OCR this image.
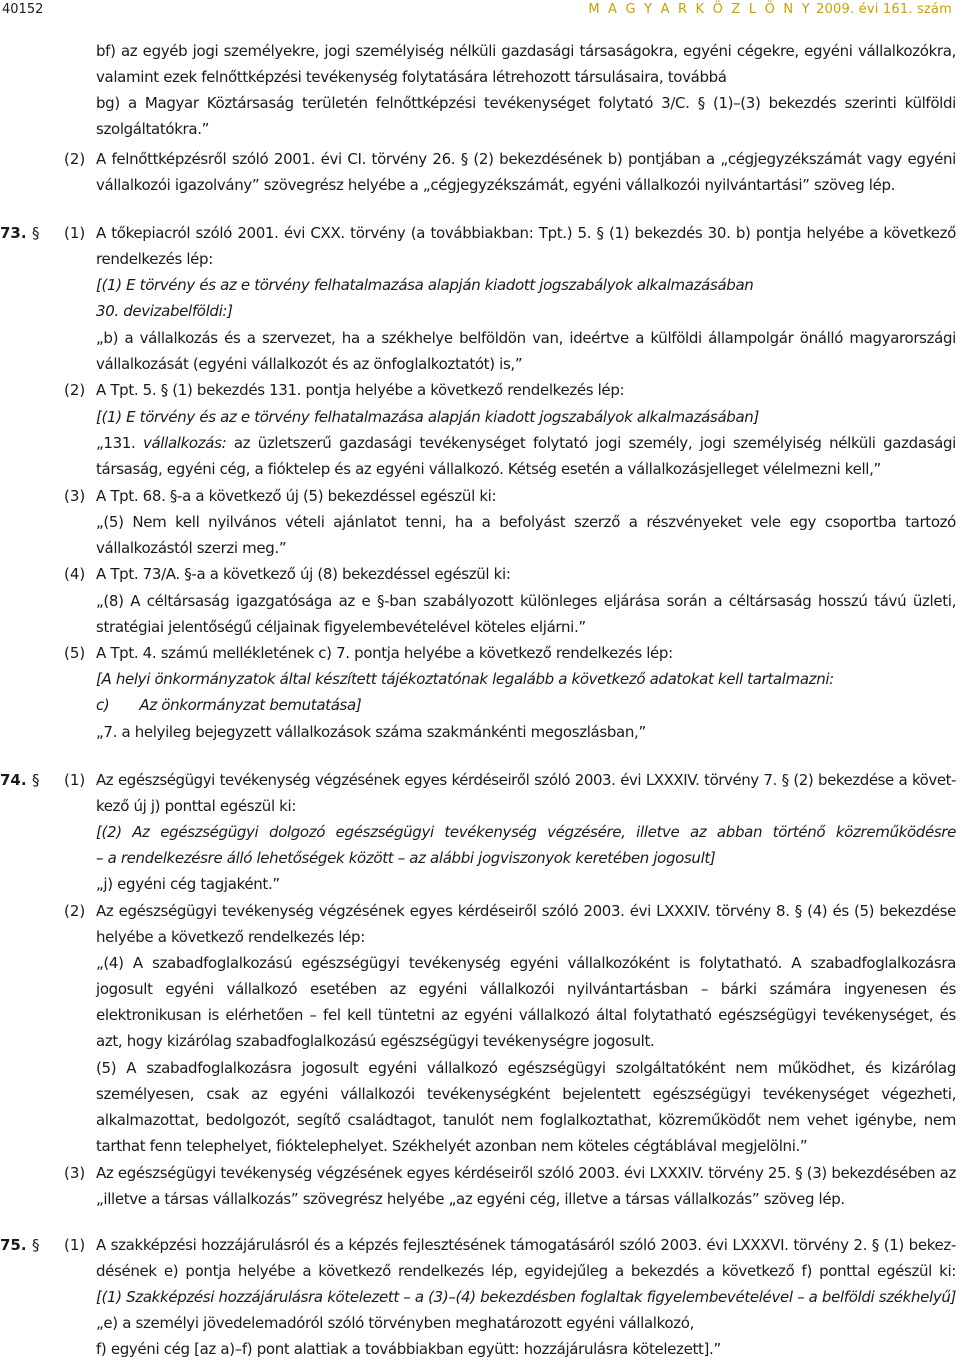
40152	M A G Y A R K Ö Z L Ö N Y 2009. évi 161. szám
bf) az egyéb jogi személyekre, jogi személyiség nélküli gazdasági társaságokra, egyéni cégekre, egyéni vállalkozókra,
valamint ezek felnőttképzési tevékenység folytatására létrehozott társulásaira, továbbá
bg) a Magyar Köztársaság területén felnőttképzési tevékenységet folytató 3/C. § (1)–(3) bekezdés szerinti külföldi
szolgáltatókra.”
(2) A felnőttképzésről szóló 2001. évi CI. törvény 26. § (2) bekezdésének b) pontjában a „cégjegyzékszámát vagy egyéni
vállalkozói igazolvány” szövegrész helyébe a „cégjegyzékszámát, egyéni vállalkozói nyilvántartási” szöveg lép.
73. § (1) A tőkepiacról szóló 2001. évi CXX. törvény (a továbbiakban: Tpt.) 5. § (1) bekezdés 30. b) pontja helyébe a következő
rendelkezés lép:
[(1) E törvény és az e törvény felhatalmazása alapján kiadott jogszabályok alkalmazásában
30. devizabelföldi:]
„b) a vállalkozás és a szervezet, ha a székhelye belföldön van, ideértve a külföldi állampolgár önálló magyarországi
vállalkozását (egyéni vállalkozót és az önfoglalkoztatót) is,”
(2) A Tpt. 5. § (1) bekezdés 131. pontja helyébe a következő rendelkezés lép:
[(1) E törvény és az e törvény felhatalmazása alapján kiadott jogszabályok alkalmazásában]
„131. vállalkozás: az üzletszerű gazdasági tevékenységet folytató jogi személy, jogi személyiség nélküli gazdasági
társaság, egyéni cég, a fióktelep és az egyéni vállalkozó. Kétség esetén a vállalkozásjelleget vélelmezni kell,”
(3) A Tpt. 68. §-a a következő új (5) bekezdéssel egészül ki:
„(5) Nem kell nyilvános vételi ajánlatot tenni, ha a befolyást szerző a részvényeket vele egy csoportba tartozó
vállalkozástól szerzi meg.”
(4) A Tpt. 73/A. §-a a következő új (8) bekezdéssel egészül ki:
„(8) A céltársaság igazgatósága az e §-ban szabályozott különleges eljárása során a céltársaság hosszú távú üzleti,
stratégiai jelentőségű céljainak figyelembevételével köteles eljárni.”
(5) A Tpt. 4. számú mellékletének c) 7. pontja helyébe a következő rendelkezés lép:
[A helyi önkormányzatok által készített tájékoztatónak legalább a következő adatokat kell tartalmazni:
c) Az önkormányzat bemutatása]
„7. a helyileg bejegyzett vállalkozások száma szakmánkénti megoszlásban,”
74. § (1) Az egészségügyi tevékenység végzésének egyes kérdéseiről szóló 2003. évi LXXXIV. törvény 7. § (2) bekezdése a követ-
kező új j) ponttal egészül ki:
[(2) Az egészségügyi dolgozó egészségügyi tevékenység végzésére, illetve az abban történő közreműködésre
– a rendelkezésre álló lehetőségek között – az alábbi jogviszonyok keretében jogosult]
„j) egyéni cég tagjaként.”
(2) Az egészségügyi tevékenység végzésének egyes kérdéseiről szóló 2003. évi LXXXIV. törvény 8. § (4) és (5) bekezdése
helyébe a következő rendelkezés lép:
„(4) A szabadfoglalkozású egészségügyi tevékenység egyéni vállalkozóként is folytatható. A szabadfoglalkozásra
jogosult egyéni vállalkozó esetében az egyéni vállalkozói nyilvántartásban – bárki számára ingyenesen és
elektronikusan is elérhetően – fel kell tüntetni az egyéni vállalkozó által folytatható egészségügyi tevékenységet, és
azt, hogy kizárólag szabadfoglalkozású egészségügyi tevékenységre jogosult.
(5) A szabadfoglalkozásra jogosult egyéni vállalkozó egészségügyi szolgáltatóként nem működhet, és kizárólag
személyesen, csak az egyéni vállalkozói tevékenységként bejelentett egészségügyi tevékenységet végezheti,
alkalmazottat, bedolgozót, segítő családtagot, tanulót nem foglalkoztathat, közreműködőt nem vehet igénybe, nem
tarthat fenn telephelyet, fióktelephelyet. Székhelyét azonban nem köteles cégtáblával megjelölni.”
(3) Az egészségügyi tevékenység végzésének egyes kérdéseiről szóló 2003. évi LXXXIV. törvény 25. § (3) bekezdésében az
„illetve a társas vállalkozás” szövegrész helyébe „az egyéni cég, illetve a társas vállalkozás” szöveg lép.
75. § (1) A szakképzési hozzájárulásról és a képzés fejlesztésének támogatásáról szóló 2003. évi LXXXVI. törvény 2. § (1) bekez-
désének e) pontja helyébe a következő rendelkezés lép, egyidejűleg a bekezdés a következő f) ponttal egészül ki:
[(1) Szakképzési hozzájárulásra kötelezett – a (3)–(4) bekezdésben foglaltak figyelembevételével – a belföldi székhelyű]
„e) a személyi jövedelemadóról szóló törvényben meghatározott egyéni vállalkozó,
f) egyéni cég [az a)–f) pont alattiak a továbbiakban együtt: hozzájárulásra kötelezett].”
